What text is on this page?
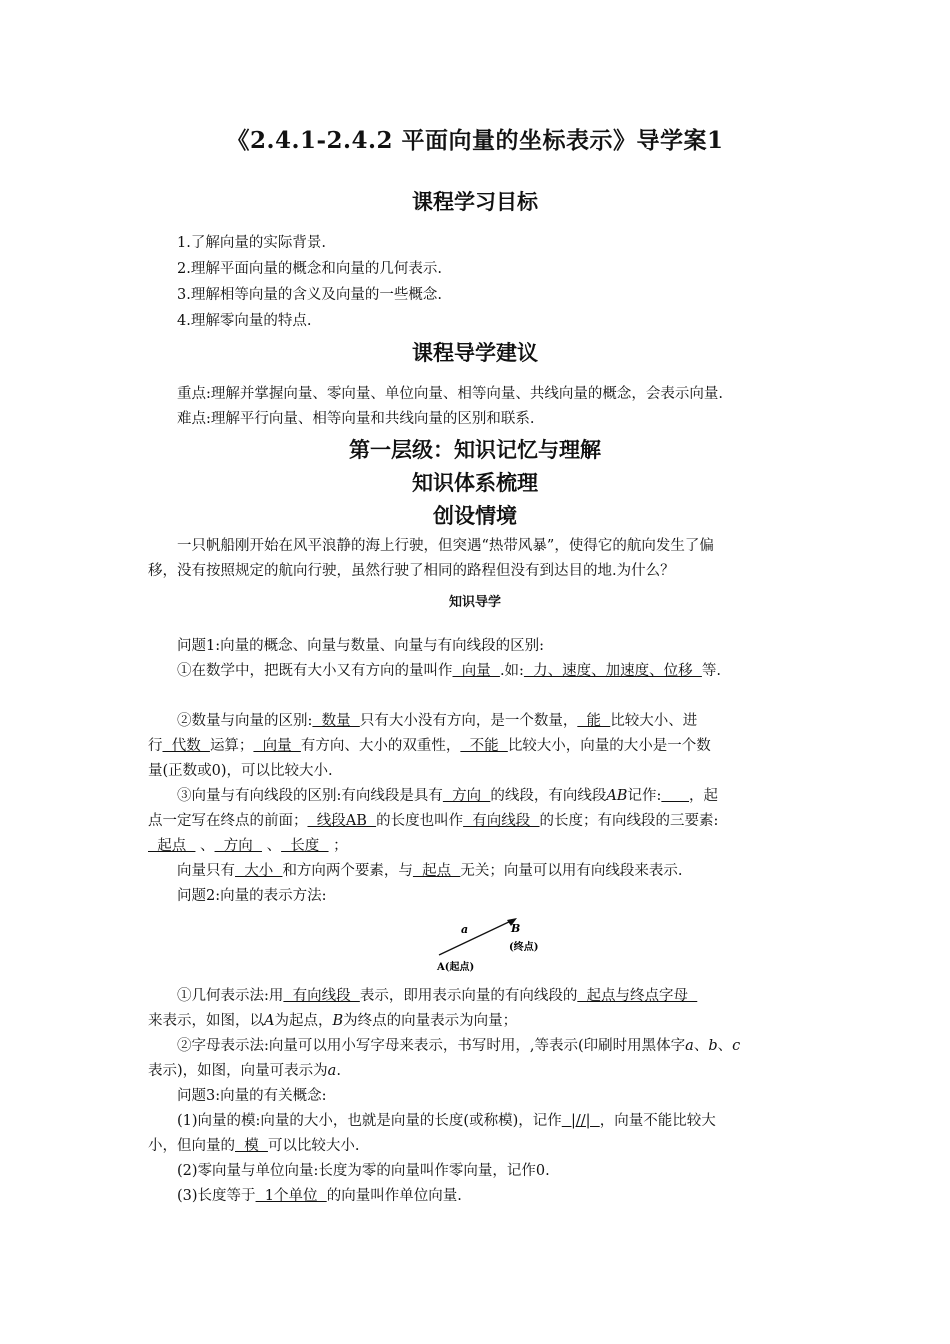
《2.4.1-2.4.2 平面向量的坐标表示》导学案1
课程学习目标
1.了解向量的实际背景.
2.理解平面向量的概念和向量的几何表示.
3.理解相等向量的含义及向量的一些概念.
4.理解零向量的特点.
课程导学建议
重点:理解并掌握向量、零向量、单位向量、相等向量、共线向量的概念，会表示向量.
难点:理解平行向量、相等向量和共线向量的区别和联系.
第一层级：知识记忆与理解
知识体系梳理
创设情境
一只帆船刚开始在风平浪静的海上行驶，但突遇“热带风暴”，使得它的航向发生了偏
移，没有按照规定的航向行驶，虽然行驶了相同的路程但没有到达目的地.为什么？
知识导学
问题1:向量的概念、向量与数量、向量与有向线段的区别:
①在数学中，把既有大小又有方向的量叫作  向量  .如:  力、速度、加速度、位移  等.
②数量与向量的区别:  数量  只有大小没有方向，是一个数量，  能  比较大小、进
行  代数  运算；  向量  有方向、大小的双重性，  不能  比较大小，向量的大小是一个数
量(正数或0)，可以比较大小.
③向量与有向线段的区别:有向线段是具有  方向  的线段，有向线段AB记作: ，起
点一定写在终点的前面；  线段AB  的长度也叫作  有向线段  的长度；有向线段的三要素:
起点   、  方向   、  长度   ；
向量只有  大小  和方向两个要素，与  起点  无关；向量可以用有向线段来表示.
问题2:向量的表示方法:
a	B
(终点)
A(起点)
①几何表示法:用  有向线段  表示，即用表示向量的有向线段的  起点与终点字母
来表示，如图，以A为起点，B为终点的向量表示为向量；
②字母表示法:向量可以用小写字母来表示，书写时用，,等表示(印刷时用黑体字a、b、c
表示)，如图，向量可表示为a.
问题3:向量的有关概念:
(1)向量的模:向量的大小，也就是向量的长度(或称模)，记作  |//|  ，向量不能比较大
小，但向量的  模  可以比较大小.
(2)零向量与单位向量:长度为零的向量叫作零向量，记作0.
(3)长度等于  1个单位  的向量叫作单位向量.
